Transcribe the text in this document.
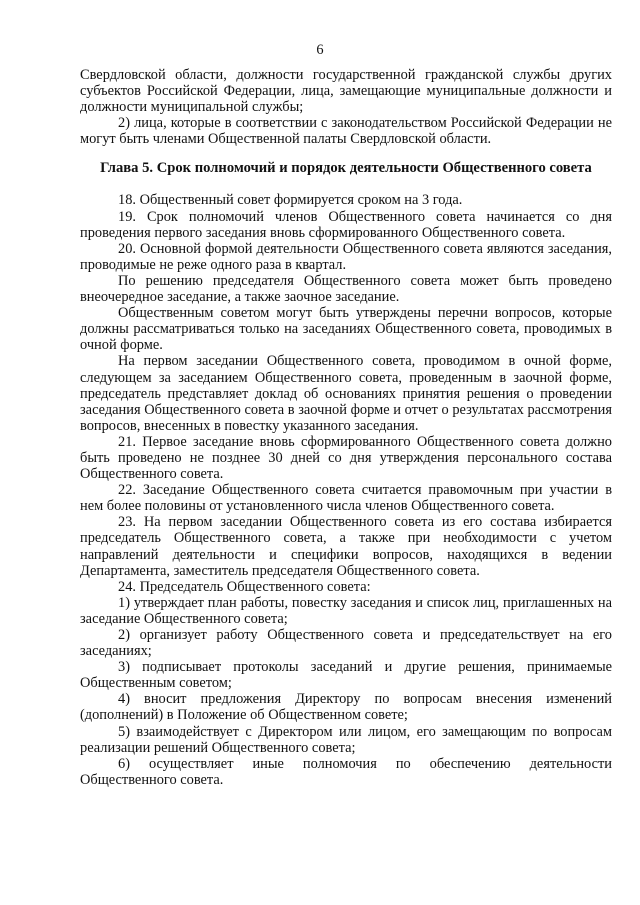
6

Свердловской области, должности государственной гражданской службы других субъектов Российской Федерации, лица, замещающие муниципальные должности и должности муниципальной службы;

2) лица, которые в соответствии с законодательством Российской Федерации не могут быть членами Общественной палаты Свердловской области.

Глава 5. Срок полномочий и порядок деятельности Общественного совета

18. Общественный совет формируется сроком на 3 года.

19. Срок полномочий членов Общественного совета начинается со дня проведения первого заседания вновь сформированного Общественного совета.

20. Основной формой деятельности Общественного совета являются заседания, проводимые не реже одного раза в квартал.

По решению председателя Общественного совета может быть проведено внеочередное заседание, а также заочное заседание.

Общественным советом могут быть утверждены перечни вопросов, которые должны рассматриваться только на заседаниях Общественного совета, проводимых в очной форме.

На первом заседании Общественного совета, проводимом в очной форме, следующем за заседанием Общественного совета, проведенным в заочной форме, председатель представляет доклад об основаниях принятия решения о проведении заседания Общественного совета в заочной форме и отчет о результатах рассмотрения вопросов, внесенных в повестку указанного заседания.

21. Первое заседание вновь сформированного Общественного совета должно быть проведено не позднее 30 дней со дня утверждения персонального состава Общественного совета.

22. Заседание Общественного совета считается правомочным при участии в нем более половины от установленного числа членов Общественного совета.

23. На первом заседании Общественного совета из его состава избирается председатель Общественного совета, а также при необходимости с учетом направлений деятельности и специфики вопросов, находящихся в ведении Департамента, заместитель председателя Общественного совета.

24. Председатель Общественного совета:

1) утверждает план работы, повестку заседания и список лиц, приглашенных на заседание Общественного совета;

2) организует работу Общественного совета и председательствует на его заседаниях;

3) подписывает протоколы заседаний и другие решения, принимаемые Общественным советом;

4) вносит предложения Директору по вопросам внесения изменений (дополнений) в Положение об Общественном совете;

5) взаимодействует с Директором или лицом, его замещающим по вопросам реализации решений Общественного совета;

6) осуществляет иные полномочия по обеспечению деятельности Общественного совета.
